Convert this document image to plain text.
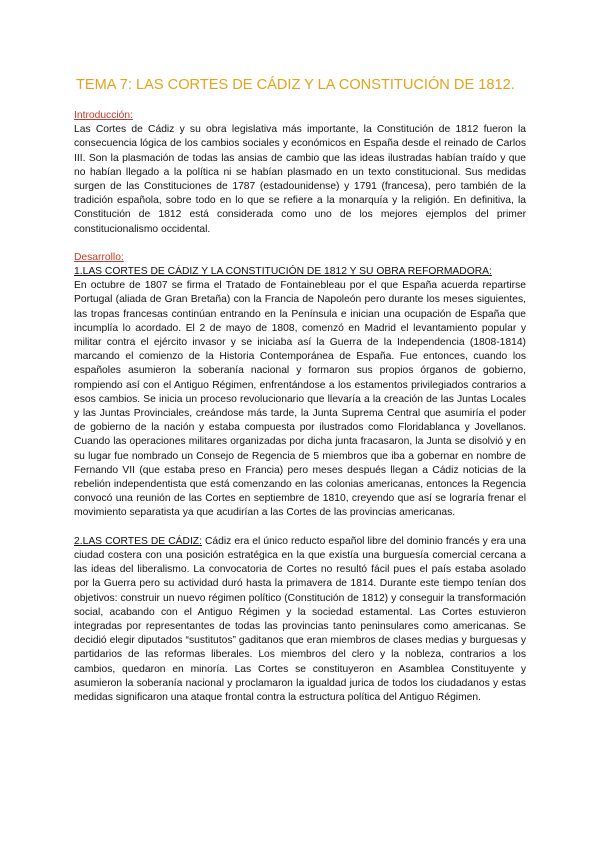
TEMA 7: LAS CORTES DE CÁDIZ Y LA CONSTITUCIÓN DE 1812.
Introducción:

Las Cortes de Cádiz y su obra legislativa más importante, la Constitución de 1812 fueron la consecuencia lógica de los cambios sociales y económicos en España desde el reinado de Carlos III. Son la plasmación de todas las ansias de cambio que las ideas ilustradas habían traído y que no habían llegado a la política ni se habían plasmado en un texto constitucional. Sus medidas surgen de las Constituciones de 1787 (estadounidense) y 1791 (francesa), pero también de la tradición española, sobre todo en lo que se refiere a la monarquía y la religión. En definitiva, la Constitución de 1812 está considerada como uno de los mejores ejemplos del primer constitucionalismo occidental.

Desarrollo:
1.LAS CORTES DE CÁDIZ Y LA CONSTITUCIÓN DE 1812 Y SU OBRA REFORMADORA:

En octubre de 1807 se firma el Tratado de Fontainebleau por el que España acuerda repartirse Portugal (aliada de Gran Bretaña) con la Francia de Napoleón pero durante los meses siguientes, las tropas francesas continúan entrando en la Península e inician una ocupación de España que incumplía lo acordado. El 2 de mayo de 1808, comenzó en Madrid el levantamiento popular y militar contra el ejército invasor y se iniciaba así la Guerra de la Independencia (1808-1814) marcando el comienzo de la Historia Contemporánea de España. Fue entonces, cuando los españoles asumieron la soberanía nacional y formaron sus propios órganos de gobierno, rompiendo así con el Antiguo Régimen, enfrentándose a los estamentos privilegiados contrarios a esos cambios. Se inicia un proceso revolucionario que llevaría a la creación de las Juntas Locales y las Juntas Provinciales, creándose más tarde, la Junta Suprema Central que asumiría el poder de gobierno de la nación y estaba compuesta por ilustrados como Floridablanca y Jovellanos. Cuando las operaciones militares organizadas por dicha junta fracasaron, la Junta se disolvió y en su lugar fue nombrado un Consejo de Regencia de 5 miembros que iba a gobernar en nombre de Fernando VII (que estaba preso en Francia) pero meses después llegan a Cádiz noticias de la rebelión independentista que está comenzando en las colonias americanas, entonces la Regencia convocó una reunión de las Cortes en septiembre de 1810, creyendo que así se lograría frenar el movimiento separatista ya que acudirían a las Cortes de las provincias americanas.

2.LAS CORTES DE CÁDIZ: Cádiz era el único reducto español libre del dominio francés y era una ciudad costera con una posición estratégica en la que existía una burguesía comercial cercana a las ideas del liberalismo. La convocatoria de Cortes no resultó fácil pues el país estaba asolado por la Guerra pero su actividad duró hasta la primavera de 1814. Durante este tiempo tenían dos objetivos: construir un nuevo régimen político (Constitución de 1812) y conseguir la transformación social, acabando con el Antiguo Régimen y la sociedad estamental. Las Cortes estuvieron integradas por representantes de todas las provincias tanto peninsulares como americanas. Se decidió elegir diputados “sustitutos” gaditanos que eran miembros de clases medias y burguesas y partidarios de las reformas liberales. Los miembros del clero y la nobleza, contrarios a los cambios, quedaron en minoría. Las Cortes se constituyeron en Asamblea Constituyente y asumieron la soberanía nacional y proclamaron la igualdad jurica de todos los ciudadanos y estas medidas significaron una ataque frontal contra la estructura política del Antiguo Régimen.
